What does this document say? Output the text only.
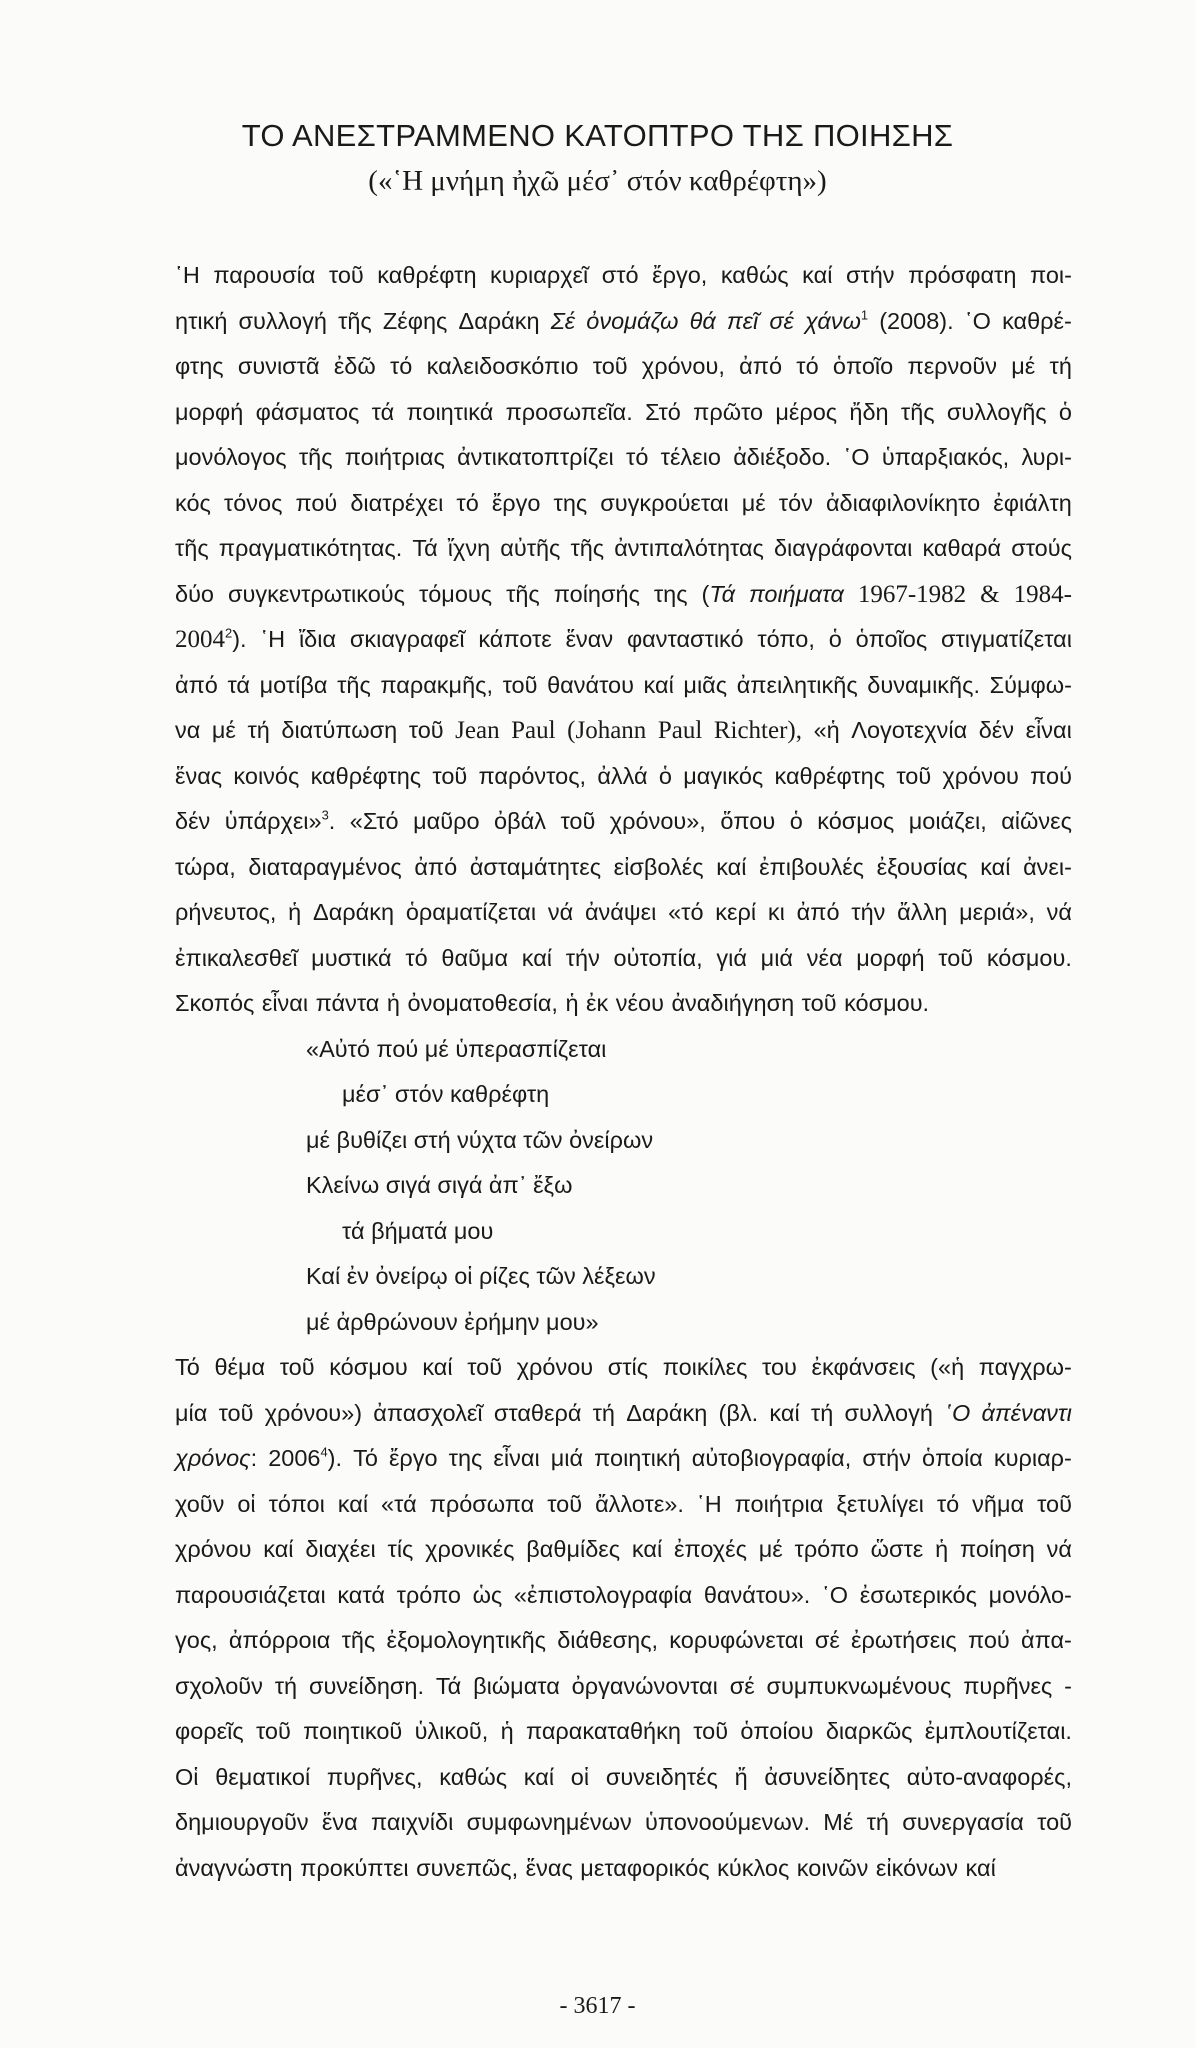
ΤΟ ΑΝΕΣΤΡΑΜΜΕΝΟ ΚΑΤΟΠΤΡΟ ΤΗΣ ΠΟΙΗΣΗΣ

(«῾Η μνήμη ἠχῶ μέσ᾽ στόν καθρέφτη»)

῾Η παρουσία τοῦ καθρέφτη κυριαρχεῖ στό ἔργο, καθώς καί στήν πρόσφατη ποι-
ητική συλλογή τῆς Ζέφης Δαράκη Σέ ὀνομάζω θά πεῖ σέ χάνω$^1$ (2008). ῾Ο καθρέ-
φτης συνιστᾶ ἐδῶ τό καλειδοσκόπιο τοῦ χρόνου, ἀπό τό ὁποῖο περνοῦν μέ τή
μορφή φάσματος τά ποιητικά προσωπεῖα. Στό πρῶτο μέρος ἤδη τῆς συλλογῆς ὁ
μονόλογος τῆς ποιήτριας ἀντικατοπτρίζει τό τέλειο ἀδιέξοδο. ῾Ο ὑπαρξιακός, λυρι-
κός τόνος πού διατρέχει τό ἔργο της συγκρούεται μέ τόν ἀδιαφιλονίκητο ἐφιάλτη
τῆς πραγματικότητας. Τά ἴχνη αὐτῆς τῆς ἀντιπαλότητας διαγράφονται καθαρά στούς
δύο συγκεντρωτικούς τόμους τῆς ποίησής της (Τά ποιήματα 1967-1982 & 1984-
2004$^2$). ῾Η ἴδια σκιαγραφεῖ κάποτε ἕναν φανταστικό τόπο, ὁ ὁποῖος στιγματίζεται
ἀπό τά μοτίβα τῆς παρακμῆς, τοῦ θανάτου καί μιᾶς ἀπειλητικῆς δυναμικῆς. Σύμφω-
να μέ τή διατύπωση τοῦ Jean Paul (Johann Paul Richter), «ἡ Λογοτεχνία δέν εἶναι
ἕνας κοινός καθρέφτης τοῦ παρόντος, ἀλλά ὁ μαγικός καθρέφτης τοῦ χρόνου πού
δέν ὑπάρχει»$^3$. «Στό μαῦρο ὀβάλ τοῦ χρόνου», ὅπου ὁ κόσμος μοιάζει, αἰῶνες
τώρα, διαταραγμένος ἀπό ἀσταμάτητες εἰσβολές καί ἐπιβουλές ἐξουσίας καί ἀνει-
ρήνευτος, ἡ Δαράκη ὁραματίζεται νά ἀνάψει «τό κερί κι ἀπό τήν ἄλλη μεριά», νά
ἐπικαλεσθεῖ μυστικά τό θαῦμα καί τήν οὐτοπία, γιά μιά νέα μορφή τοῦ κόσμου.
Σκοπός εἶναι πάντα ἡ ὀνοματοθεσία, ἡ ἐκ νέου ἀναδιήγηση τοῦ κόσμου.
«Αὐτό πού μέ ὑπερασπίζεται
μέσ᾽ στόν καθρέφτη
μέ βυθίζει στή νύχτα τῶν ὀνείρων
Κλείνω σιγά σιγά ἀπ᾽ ἔξω
τά βήματά μου
Καί ἐν ὀνείρῳ οἱ ρίζες τῶν λέξεων
μέ ἀρθρώνουν ἐρήμην μου»
Τό θέμα τοῦ κόσμου καί τοῦ χρόνου στίς ποικίλες του ἐκφάνσεις («ἡ παγχρω-
μία τοῦ χρόνου») ἀπασχολεῖ σταθερά τή Δαράκη (βλ. καί τή συλλογή ῾Ο ἀπέναντι
χρόνος: 2006$^4$). Τό ἔργο της εἶναι μιά ποιητική αὐτοβιογραφία, στήν ὁποία κυριαρ-
χοῦν οἱ τόποι καί «τά πρόσωπα τοῦ ἄλλοτε». ῾Η ποιήτρια ξετυλίγει τό νῆμα τοῦ
χρόνου καί διαχέει τίς χρονικές βαθμίδες καί ἐποχές μέ τρόπο ὥστε ἡ ποίηση νά
παρουσιάζεται κατά τρόπο ὡς «ἐπιστολογραφία θανάτου». ῾Ο ἐσωτερικός μονόλο-
γος, ἀπόρροια τῆς ἐξομολογητικῆς διάθεσης, κορυφώνεται σέ ἐρωτήσεις πού ἀπα-
σχολοῦν τή συνείδηση. Τά βιώματα ὀργανώνονται σέ συμπυκνωμένους πυρῆνες -
φορεῖς τοῦ ποιητικοῦ ὑλικοῦ, ἡ παρακαταθήκη τοῦ ὁποίου διαρκῶς ἐμπλουτίζεται.
Οἱ θεματικοί πυρῆνες, καθώς καί οἱ συνειδητές ἤ ἀσυνείδητες αὐτο-αναφορές,
δημιουργοῦν ἕνα παιχνίδι συμφωνημένων ὑπονοούμενων. Μέ τή συνεργασία τοῦ
ἀναγνώστη προκύπτει συνεπῶς, ἕνας μεταφορικός κύκλος κοινῶν εἰκόνων καί

- 3617 -
